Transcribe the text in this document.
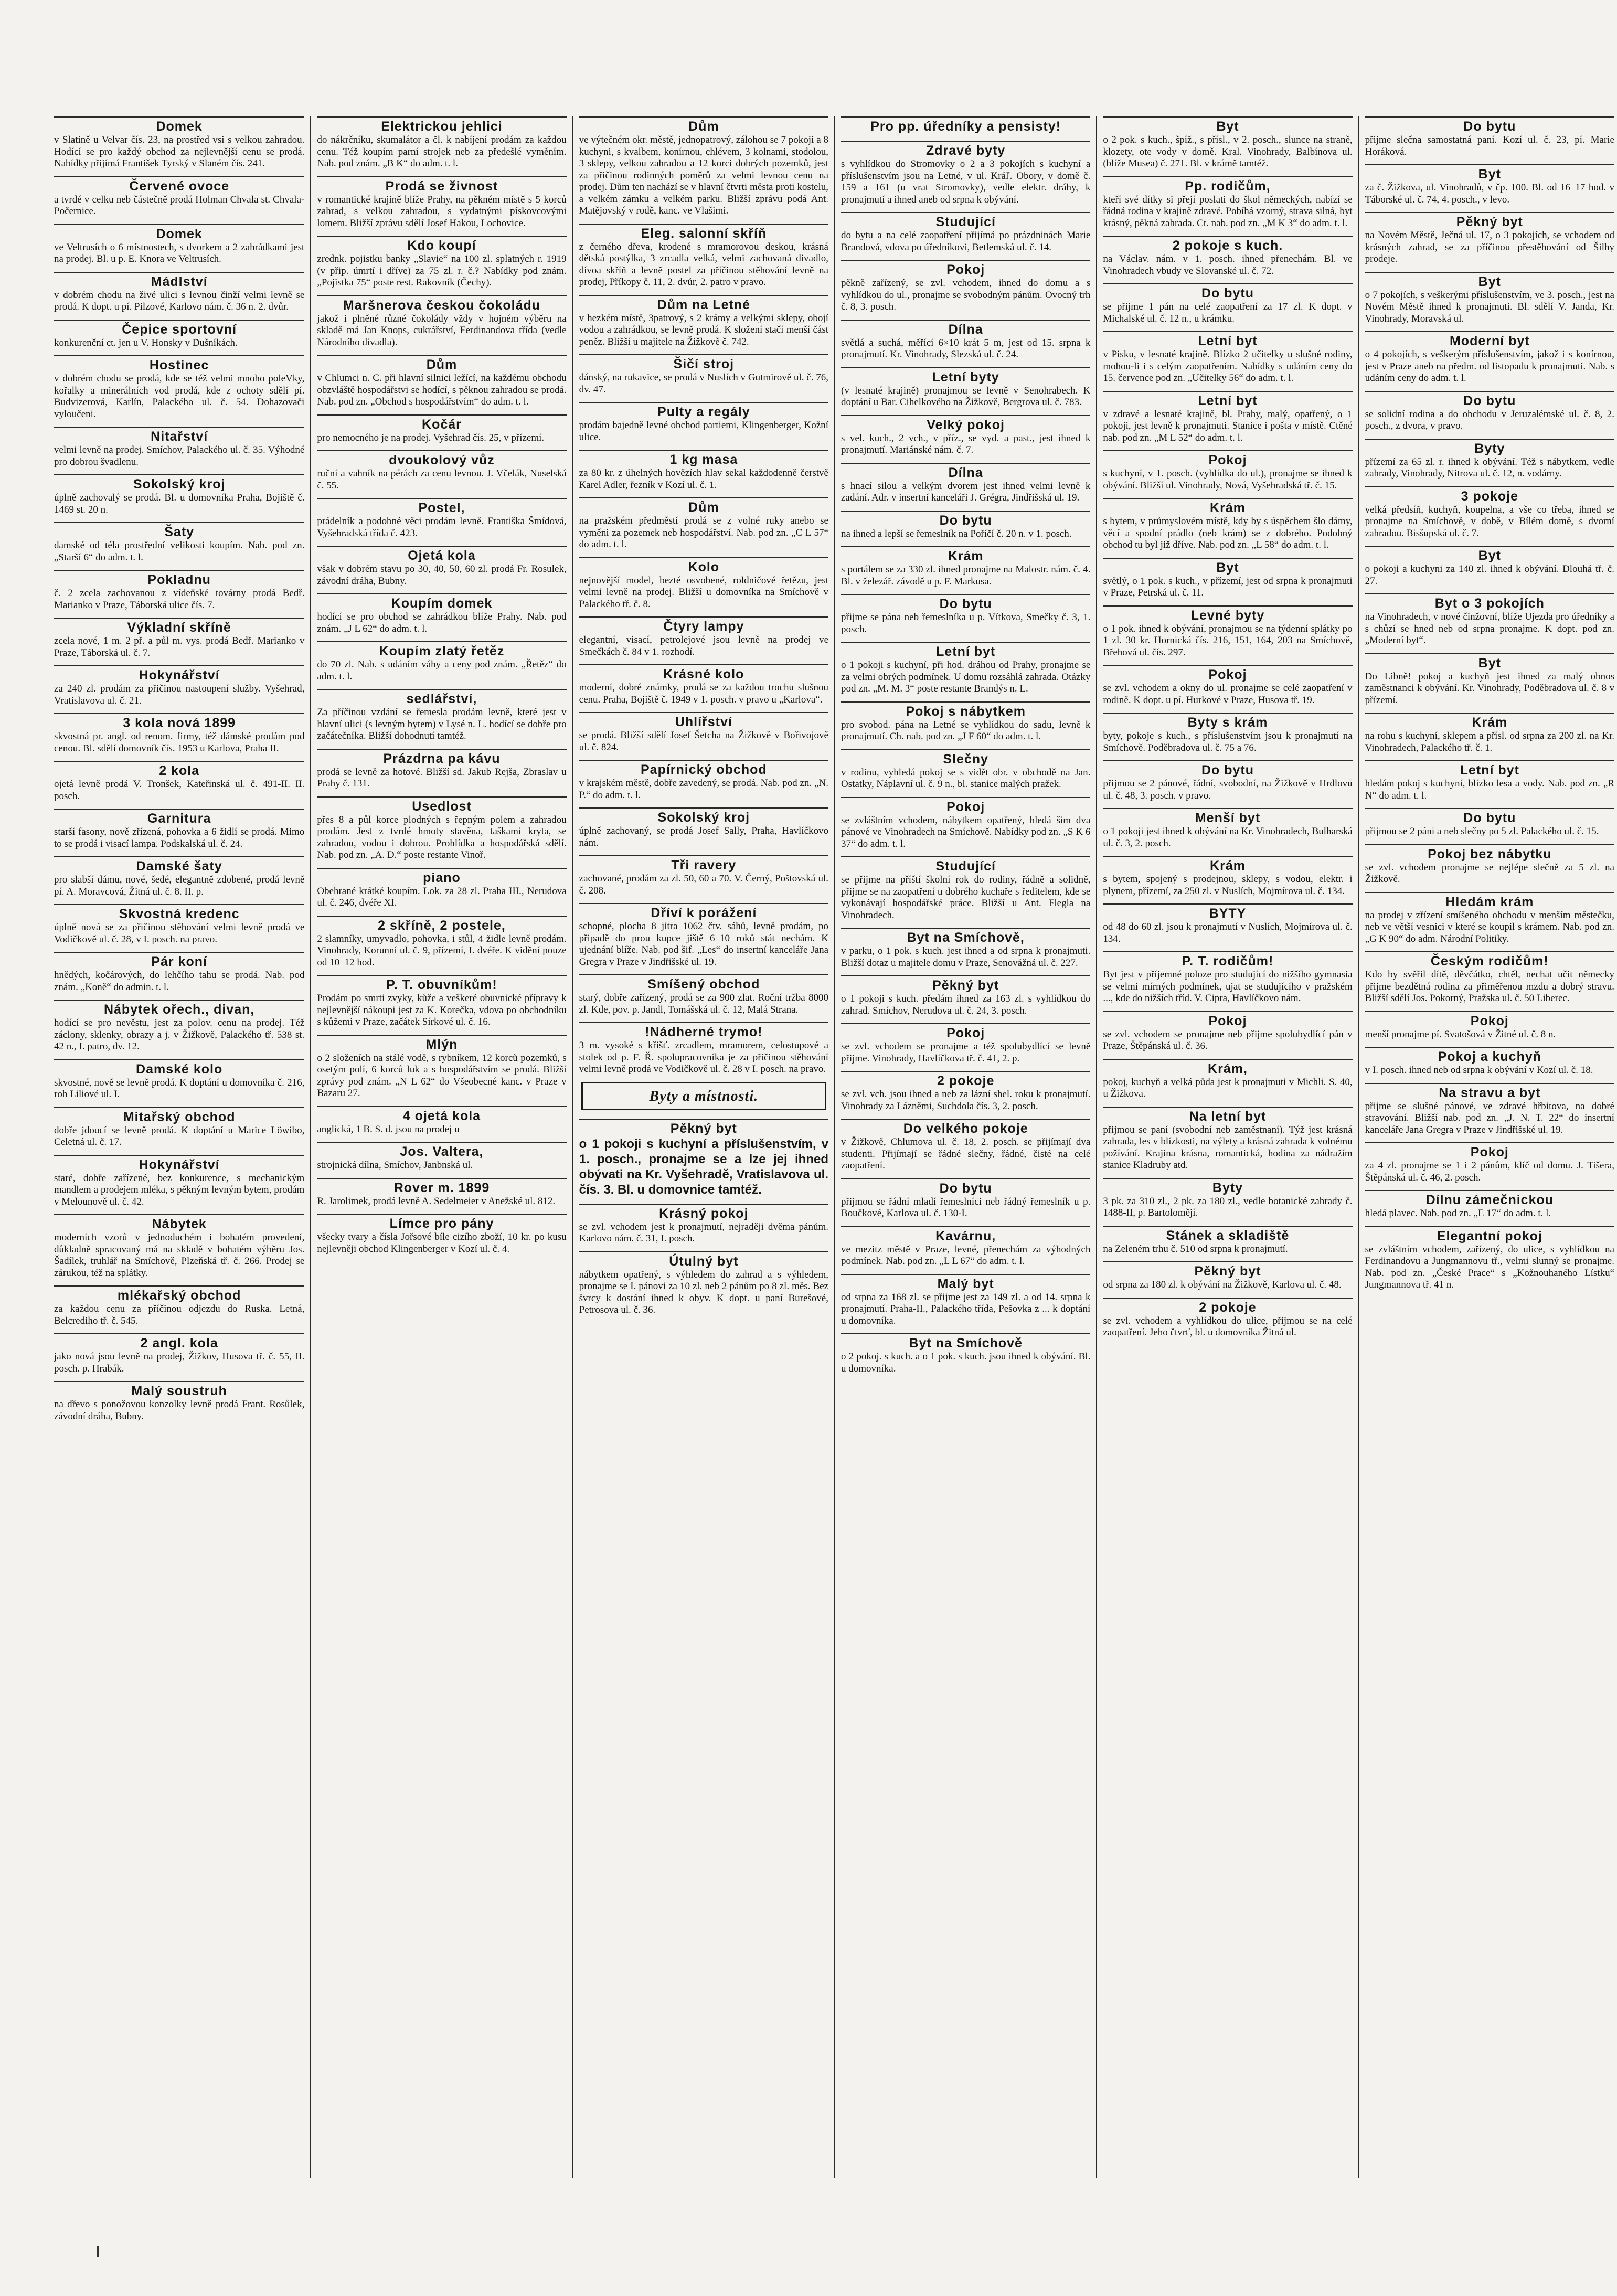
Domek
v Slatině u Velvar čís. 23, na prostřed vsi s velkou zahradou. Hodící se pro každý obchod za nejlevnější cenu se prodá. Nabídky přijímá František Tyrský v Slaném čís. 241.
Červené ovoce
a tvrdé v celku neb částečně prodá Holman Chvala st. Chvala-Počernice.
Domek
ve Veltrusích o 6 místnostech, s dvorkem a 2 zahrádkami jest na prodej. Bl. u p. E. Knora ve Veltrusích.
Mádlství
v dobrém chodu na živé ulici s levnou činží velmi levně se prodá. K dopt. u pí. Pilzové, Karlovo nám. č. 36 n. 2. dvůr.
Čepice sportovní
konkurenční ct. jen u V. Honsky v Dušníkách.
Hostinec
v dobrém chodu se prodá, kde se též velmi mnoho poleVky, kořalky a minerálních vod prodá, kde z ochoty sdělí pí. Budvizerová, Karlín, Palackého ul. č. 54. Dohazovači vyloučeni.
Nitařství
velmi levně na prodej. Smíchov, Palackého ul. č. 35. Výhodné pro dobrou švadlenu.
Sokolský kroj
úplně zachovalý se prodá. Bl. u domovníka Praha, Bojiště č. 1469 st. 20 n.
Šaty
damské od téla prostřední velikosti koupím. Nab. pod zn. „Starší 6“ do adm. t. l.
Pokladnu
č. 2 zcela zachovanou z vídeňské továrny prodá Bedř. Marianko v Praze, Táborská ulice čís. 7.
Výkladní skříně
zcela nové, 1 m. 2 př. a půl m. vys. prodá Bedř. Marianko v Praze, Táborská ul. č. 7.
Hokynářství
za 240 zl. prodám za přičinou nastoupení služby. Vyšehrad, Vratislavova ul. č. 21.
3 kola nová 1899
skvostná pr. angl. od renom. firmy, též dámské prodám pod cenou. Bl. sdělí domovník čís. 1953 u Karlova, Praha II.
2 kola
ojetá levně prodá V. Tronšek, Kateřinská ul. č. 491-II. II. posch.
Garnitura
starší fasony, nově zřízená, pohovka a 6 židlí se prodá. Mimo to se prodá i visací lampa. Podskalská ul. č. 24.
Damské šaty
pro slabší dámu, nové, šedé, elegantně zdobené, prodá levně pí. A. Moravcová, Žitná ul. č. 8. II. p.
Skvostná kredenc
úplně nová se za přičinou stěhování velmi levně prodá ve Vodičkově ul. č. 28, v I. posch. na pravo.
Pár koní
hnědých, kočárových, do lehčího tahu se prodá. Nab. pod znám. „Koně“ do admin. t. l.
Nábytek ořech., divan,
hodící se pro nevěstu, jest za polov. cenu na prodej. Též záclony, sklenky, obrazy a j. v Žižkově, Palackého tř. 538 st. 42 n., I. patro, dv. 12.
Damské kolo
skvostné, nově se levně prodá. K doptání u domovníka č. 216, roh Liliové ul. I.
Mitařský obchod
dobře jdoucí se levně prodá. K doptání u Marice Löwibo, Celetná ul. č. 17.
Hokynářství
staré, dobře zařízené, bez konkurence, s mechanickým mandlem a prodejem mléka, s pěkným levným bytem, prodám v Melounově ul. č. 42.
Nábytek
moderních vzorů v jednoduchém i bohatém provedení, důkladně spracovaný má na skladě v bohatém výběru Jos. Šadílek, truhlář na Smíchově, Plzeňská tř. č. 266. Prodej se zárukou, též na splátky.
mlékařský obchod
za každou cenu za příčinou odjezdu do Ruska. Letná, Belcrediho tř. č. 545.
2 angl. kola
jako nová jsou levně na prodej, Žižkov, Husova tř. č. 55, II. posch. p. Hrabák.
Malý soustruh
na dřevo s ponožovou konzolky levně prodá Frant. Rosůlek, závodní dráha, Bubny.
Elektrickou jehlici
do nákrčníku, skumalátor a čl. k nabíjení prodám za každou cenu. Též koupím parní strojek neb za předešlé vyměním. Nab. pod znám. „B K“ do adm. t. l.
Prodá se živnost
v romantické krajině blíže Prahy, na pěkném místě s 5 korců zahrad, s velkou zahradou, s vydatnými pískovcovými lomem. Bližší zprávu sdělí Josef Hakou, Lochovice.
Kdo koupí
zrednk. pojistku banky „Slavie“ na 100 zl. splatných r. 1919 (v přip. úmrtí i dříve) za 75 zl. r. č.? Nabídky pod znám. „Pojistka 75“ poste rest. Rakovník (Čechy).
Maršnerova českou čokoládu
jakož i plněné různé čokolády vždy v hojném výběru na skladě má Jan Knops, cukrářství, Ferdinandova třída (vedle Národního divadla).
Dům
v Chlumci n. C. při hlavní silnici ležící, na každému obchodu obzvláště hospodářstvi se hodící, s pěknou zahradou se prodá. Nab. pod zn. „Obchod s hospodářstvím“ do adm. t. l.
Kočár
pro nemocného je na prodej. Vyšehrad čís. 25, v přízemí.
dvoukolový vůz
ruční a vahník na pérách za cenu levnou. J. Včelák, Nuselská č. 55.
Postel,
prádelník a podobné věci prodám levně. Františka Šmídová, Vyšehradská třída č. 423.
Ojetá kola
však v dobrém stavu po 30, 40, 50, 60 zl. prodá Fr. Rosulek, závodní dráha, Bubny.
Koupím domek
hodící se pro obchod se zahrádkou blíže Prahy. Nab. pod znám. „J L 62“ do adm. t. l.
Koupím zlatý řetěz
do 70 zl. Nab. s udáním váhy a ceny pod znám. „Řetěz“ do adm. t. l.
sedlářství,
Za příčinou vzdání se řemesla prodám levně, které jest v hlavní ulici (s levným bytem) v Lysé n. L. hodící se dobře pro začátečníka. Bližší dohodnutí tamtéž.
Prázdrna pa kávu
prodá se levně za hotové. Bližší sd. Jakub Rejša, Zbraslav u Prahy č. 131.
Usedlost
přes 8 a půl korce plodných s řepným polem a zahradou prodám. Jest z tvrdé hmoty stavěna, taškami kryta, se zahradou, vodou i dobrou. Prohlídka a hospodářská sdělí. Nab. pod zn. „A. D.“ poste restante Vinoř.
piano
Obehrané krátké koupím. Lok. za 28 zl. Praha III., Nerudova ul. č. 246, dvéře XI.
2 skříně, 2 postele,
2 slamníky, umyvadlo, pohovka, i stůl, 4 židle levně prodám. Vinohrady, Korunní ul. č. 9, přízemí, I. dvéře. K vidění pouze od 10–12 hod.
P. T. obuvníkům!
Prodám po smrti zvyky, kůže a veškeré obuvnické přípravy k nejlevnější nákoupi jest za K. Korečka, vdova po obchodníku s kůžemi v Praze, začátek Sírkové ul. č. 16.
Mlýn
o 2 složeních na stálé vodě, s rybníkem, 12 korců pozemků, s osetým polí, 6 korců luk a s hospodářstvím se prodá. Bližší zprávy pod znám. „N L 62“ do Všeobecné kanc. v Praze v Bazaru 27.
4 ojetá kola
anglická, 1 B. S. d. jsou na prodej u
Jos. Valtera,
strojnická dílna, Smíchov, Janbnská ul.
Rover m. 1899
R. Jarolimek, prodá levně A. Sedelmeier v Anežské ul. 812.
Límce pro pány
všecky tvary a čísla Jořsové bíle cizího zboží, 10 kr. po kusu nejlevněji obchod Klingenberger v Kozí ul. č. 4.
Dům
ve výtečném okr. městě, jednopatrový, zálohou se 7 pokoji a 8 kuchyni, s kvalbem, konírnou, chlévem, 3 kolnami, stodolou, 3 sklepy, velkou zahradou a 12 korci dobrých pozemků, jest za přičinou rodinných poměrů za velmi levnou cenu na prodej. Dům ten nachází se v hlavní čtvrti města proti kostelu, a velkém zámku a velkém parku. Bližší zprávu podá Ant. Matějovský v rodě, kanc. ve Vlašimi.
Eleg. salonní skříň
z černého dřeva, krodené s mramorovou deskou, krásná dětská postýlka, 3 zrcadla velká, velmi zachovaná divadlo, dívoa skříň a levně postel za příčinou stěhování levně na prodej, Příkopy č. 11, 2. dvůr, 2. patro v pravo.
Dům na Letné
v hezkém místě, 3patrový, s 2 krámy a velkými sklepy, obojí vodou a zahrádkou, se levně prodá. K složení stačí menší část peněz. Bližší u majitele na Žižkově č. 742.
Šičí stroj
dánský, na rukavice, se prodá v Nuslích v Gutmirově ul. č. 76, dv. 47.
Pulty a regály
prodám bajedně levné obchod partiemi, Klingenberger, Kožní ulice.
1 kg masa
za 80 kr. z úhelných hovězích hlav sekal každodenně čerstvě Karel Adler, řezník v Kozí ul. č. 1.
Dům
na pražském předměstí prodá se z volné ruky anebo se vyměni za pozemek neb hospodářství. Nab. pod zn. „C L 57“ do adm. t. l.
Kolo
nejnovější model, bezté osvobené, roldničové řetězu, jest velmi levně na prodej. Bližší u domovníka na Smíchově v Palackého tř. č. 8.
Čtyry lampy
elegantní, visací, petrolejové jsou levně na prodej ve Smečkách č. 84 v 1. rozhodí.
Krásné kolo
moderní, dobré známky, prodá se za každou trochu slušnou cenu. Praha, Bojiště č. 1949 v 1. posch. v pravo u „Karlova“.
Uhlířství
se prodá. Bližší sdělí Josef Šetcha na Žižkově v Bořivojově ul. č. 824.
Papírnický obchod
v krajském městě, dobře zavedený, se prodá. Nab. pod zn. „N. P.“ do adm. t. l.
Sokolský kroj
úplně zachovaný, se prodá Josef Sally, Praha, Havlíčkovo nám.
Tři ravery
zachované, prodám za zl. 50, 60 a 70. V. Černý, Poštovská ul. č. 208.
Dříví k porážení
schopné, plocha 8 jitra 1062 čtv. sáhů, levně prodám, po připadě do prou kupce jiště 6–10 roků stát nechám. K ujednání blíže. Nab. pod šif. „Les“ do insertní kanceláře Jana Gregra v Praze v Jindřišské ul. 19.
Smíšený obchod
starý, dobře zařízený, prodá se za 900 zlat. Roční tržba 8000 zl. Kde, pov. p. Jandl, Tomášská ul. č. 12, Malá Strana.
!Nádherné trymo!
3 m. vysoké s křišť. zrcadlem, mramorem, celostupové a stolek od p. F. Ř. spolupracovníka je za přičinou stěhování velmi levně prodá ve Vodičkově ul. č. 28 v I. posch. na pravo.
Byty a místnosti.
Pěkný byt
o 1 pokoji s kuchyní a příslušenstvím, v 1. posch., pronajme se a lze jej ihned obývati na Kr. Vyšehradě, Vratislavova ul. čís. 3. Bl. u domovnice tamtéž.
Krásný pokoj
se zvl. vchodem jest k pronajmutí, nejraději dvěma pánům. Karlovo nám. č. 31, I. posch.
Útulný byt
nábytkem opatřený, s výhledem do zahrad a s výhledem, pronajme se I. pánovi za 10 zl. neb 2 pánům po 8 zl. měs. Bez švrcy k dostání ihned k obyv. K dopt. u paní Burešové, Petrosova ul. č. 36.
Pro pp. úředníky a pensisty!
Zdravé byty
s vyhlídkou do Stromovky o 2 a 3 pokojích s kuchyní a příslušenstvím jsou na Letné, v ul. Kráľ. Obory, v domě č. 159 a 161 (u vrat Stromovky), vedle elektr. dráhy, k pronajmutí a ihned aneb od srpna k obývání.
Studující
do bytu a na celé zaopatření přijímá po prázdninách Marie Brandová, vdova po úředníkovi, Betlemská ul. č. 14.
Pokoj
pěkně zařízený, se zvl. vchodem, ihned do domu a s vyhlídkou do ul., pronajme se svobodným pánům. Ovocný trh č. 8, 3. posch.
Dílna
světlá a suchá, měřící 6×10 krát 5 m, jest od 15. srpna k pronajmutí. Kr. Vinohrady, Slezská ul. č. 24.
Letní byty
(v lesnaté krajině) pronajmou se levně v Senohrabech. K doptání u Bar. Cihelkového na Žižkově, Bergrova ul. č. 783.
Velký pokoj
s vel. kuch., 2 vch., v příz., se vyd. a past., jest ihned k pronajmutí. Mariánské nám. č. 7.
Dílna
s hnací silou a velkým dvorem jest ihned velmi levně k zadání. Adr. v insertní kanceláři J. Grégra, Jindřišská ul. 19.
Do bytu
na ihned a lepší se řemeslník na Poříčí č. 20 n. v 1. posch.
Krám
s portálem se za 330 zl. ihned pronajme na Malostr. nám. č. 4. Bl. v železář. závodě u p. F. Markusa.
Do bytu
přijme se pána neb řemeslníka u p. Vítkova, Smečky č. 3, 1. posch.
Letní byt
o 1 pokoji s kuchyní, při hod. dráhou od Prahy, pronajme se za velmi obrých podmínek. U domu rozsáhlá zahrada. Otázky pod zn. „M. M. 3“ poste restante Brandýs n. L.
Pokoj s nábytkem
pro svobod. pána na Letné se vyhlídkou do sadu, levně k pronajmutí. Ch. nab. pod zn. „J F 60“ do adm. t. l.
Slečny
v rodinu, vyhledá pokoj se s vidět obr. v obchodě na Jan. Ostatky, Náplavní ul. č. 9 n., bl. stanice malých pražek.
Pokoj
se zvláštním vchodem, nábytkem opatřený, hledá šim dva pánové ve Vinohradech na Smíchově. Nabídky pod zn. „S K 6 37“ do adm. t. l.
Studující
se přijme na příští školní rok do rodiny, řádně a solidně, přijme se na zaopatření u dobrého kuchaře s ředitelem, kde se vykonávají hospodářské práce. Bližší u Ant. Flegla na Vinohradech.
Byt na Smíchově,
v parku, o 1 pok. s kuch. jest ihned a od srpna k pronajmuti. Bližší dotaz u majitele domu v Praze, Senovážná ul. č. 227.
Pěkný byt
o 1 pokoji s kuch. předám ihned za 163 zl. s vyhlídkou do zahrad. Smíchov, Nerudova ul. č. 24, 3. posch.
Pokoj
se zvl. vchodem se pronajme a též spolubydlící se levně přijme. Vinohrady, Havlíčkova tř. č. 41, 2. p.
2 pokoje
se zvl. vch. jsou ihned a neb za lázní shel. roku k pronajmutí. Vinohrady za Lázněmi, Suchdola čís. 3, 2. posch.
Do velkého pokoje
v Žižkově, Chlumova ul. č. 18, 2. posch. se přijímají dva studenti. Přijímají se řádné slečny, řádné, čisté na celé zaopatření.
Do bytu
přijmou se řádní mladí řemeslníci neb řádný řemeslník u p. Boučkové, Karlova ul. č. 130-I.
Kavárnu,
ve mezitz městě v Praze, levné, přenechám za výhodných podmínek. Nab. pod zn. „L L 67“ do adm. t. l.
Malý byt
od srpna za 168 zl. se přijme jest za 149 zl. a od 14. srpna k pronajmutí. Praha-II., Palackého třída, Pešovka z ... k doptání u domovníka.
Byt na Smíchově
o 2 pokoj. s kuch. a o 1 pok. s kuch. jsou ihned k obývání. Bl. u domovníka.
Byt
o 2 pok. s kuch., špíž., s přísl., v 2. posch., slunce na straně, klozety, ote vody v domě. Kral. Vinohrady, Balbínova ul. (blíže Musea) č. 271. Bl. v krámě tamtéž.
Pp. rodičům,
kteří své dítky si přejí poslati do škol německých, nabízí se řádná rodina v krajině zdravé. Pobíhá vzorný, strava silná, byt krásný, pěkná zahrada. Ct. nab. pod zn. „M K 3“ do adm. t. l.
2 pokoje s kuch.
na Václav. nám. v 1. posch. ihned přenechám. Bl. ve Vinohradech vbudy ve Slovanské ul. č. 72.
Do bytu
se přijme 1 pán na celé zaopatření za 17 zl. K dopt. v Michalské ul. č. 12 n., u krámku.
Letní byt
v Pisku, v lesnaté krajině. Blízko 2 učitelky u slušné rodiny, mohou-li i s celým zaopatřením. Nabídky s udáním ceny do 15. července pod zn. „Učitelky 56“ do adm. t. l.
Letní byt
v zdravé a lesnaté krajině, bl. Prahy, malý, opatřený, o 1 pokoji, jest levně k pronajmuti. Stanice i pošta v místě. Ctěné nab. pod zn. „M L 52“ do adm. t. l.
Pokoj
s kuchyní, v 1. posch. (vyhlídka do ul.), pronajme se ihned k obývání. Bližší ul. Vinohrady, Nová, Vyšehradská tř. č. 15.
Krám
s bytem, v průmyslovém místě, kdy by s úspěchem šlo dámy, věcí a spodní prádlo (neb krám) se z dobrého. Podobný obchod tu byl již dříve. Nab. pod zn. „L 58“ do adm. t. l.
Byt
světlý, o 1 pok. s kuch., v přízemí, jest od srpna k pronajmuti v Praze, Petrská ul. č. 11.
Levné byty
o 1 pok. ihned k obývání, pronajmou se na týdenní splátky po 1 zl. 30 kr. Hornická čís. 216, 151, 164, 203 na Smíchově, Břehová ul. čís. 297.
Pokoj
se zvl. vchodem a okny do ul. pronajme se celé zaopatření v rodině. K dopt. u pí. Hurkové v Praze, Husova tř. 19.
Byty s krám
byty, pokoje s kuch., s příslušenstvím jsou k pronajmutí na Smíchově. Poděbradova ul. č. 75 a 76.
Do bytu
přijmou se 2 pánové, řádní, svobodní, na Žižkově v Hrdlovu ul. č. 48, 3. posch. v pravo.
Menší byt
o 1 pokoji jest ihned k obývání na Kr. Vinohradech, Bulharská ul. č. 3, 2. posch.
Krám
s bytem, spojený s prodejnou, sklepy, s vodou, elektr. i plynem, přízemí, za 250 zl. v Nuslích, Mojmírova ul. č. 134.
BYTY
od 48 do 60 zl. jsou k pronajmutí v Nuslích, Mojmírova ul. č. 134.
P. T. rodičům!
Byt jest v příjemné poloze pro studující do nižšího gymnasia se velmi mírných podmínek, ujat se studujícího v pražském ..., kde do nižších tříd. V. Cipra, Havlíčkovo nám.
Pokoj
se zvl. vchodem se pronajme neb přijme spolubydlící pán v Praze, Štěpánská ul. č. 36.
Krám,
pokoj, kuchyň a velká půda jest k pronajmuti v Michli. S. 40, u Žižkova.
Na letní byt
přijmou se paní (svobodní neb zaměstnaní). Týž jest krásná zahrada, les v blízkosti, na výlety a krásná zahrada k volnému požívání. Krajina krásna, romantická, hodina za nádražím stanice Kladruby atd.
Byty
3 pk. za 310 zl., 2 pk. za 180 zl., vedle botanické zahrady č. 1488-II, p. Bartolomějí.
Stánek a skladiště
na Zeleném trhu č. 510 od srpna k pronajmutí.
Pěkný byt
od srpna za 180 zl. k obývání na Žižkově, Karlova ul. č. 48.
2 pokoje
se zvl. vchodem a vyhlídkou do ulice, přijmou se na celé zaopatření. Jeho čtvrť, bl. u domovníka Žitná ul.
Do bytu
přijme slečna samostatná paní. Kozí ul. č. 23, pí. Marie Horáková.
Byt
za č. Žižkova, ul. Vinohradů, v čp. 100. Bl. od 16–17 hod. v Táborské ul. č. 74, 4. posch., v levo.
Pěkný byt
na Novém Městě, Ječná ul. 17, o 3 pokojích, se vchodem od krásných zahrad, se za příčinou přestěhování od Šilhy prodeje.
Byt
o 7 pokojích, s veškerými příslušenstvím, ve 3. posch., jest na Novém Městě ihned k pronajmuti. Bl. sdělí V. Janda, Kr. Vinohrady, Moravská ul.
Moderní byt
o 4 pokojích, s veškerým příslušenstvím, jakož i s konírnou, jest v Praze aneb na předm. od listopadu k pronajmuti. Nab. s udáním ceny do adm. t. l.
Do bytu
se solidní rodina a do obchodu v Jeruzalémské ul. č. 8, 2. posch., z dvora, v pravo.
Byty
přízemí za 65 zl. r. ihned k obývání. Též s nábytkem, vedle zahrady, Vinohrady, Nitrova ul. č. 12, n. vodárny.
3 pokoje
velká předsíň, kuchyň, koupelna, a vše co třeba, ihned se pronajme na Smíchově, v době, v Bílém domě, s dvorní zahradou. Bisšupská ul. č. 7.
Byt
o pokoji a kuchyni za 140 zl. ihned k obývání. Dlouhá tř. č. 27.
Byt o 3 pokojích
na Vinohradech, v nové činžovní, blíže Ujezda pro úředníky a s chůzí se hned neb od srpna pronajme. K dopt. pod zn. „Moderní byt“.
Byt
Do Libně! pokoj a kuchyň jest ihned za malý obnos zaměstnanci k obývání. Kr. Vinohrady, Poděbradova ul. č. 8 v přízemí.
Krám
na rohu s kuchyní, sklepem a přísl. od srpna za 200 zl. na Kr. Vinohradech, Palackého tř. č. 1.
Letní byt
hledám pokoj s kuchyní, blízko lesa a vody. Nab. pod zn. „R N“ do adm. t. l.
Do bytu
přijmou se 2 páni a neb slečny po 5 zl. Palackého ul. č. 15.
Pokoj bez nábytku
se zvl. vchodem pronajme se nejlépe slečně za 5 zl. na Žižkově.
Hledám krám
na prodej v zřízení smíšeného obchodu v menším městečku, neb ve větší vesnici v které se koupil s krámem. Nab. pod zn. „G K 90“ do adm. Národní Politiky.
Českým rodičům!
Kdo by svěřil dítě, děvčátko, chtěl, nechat učit německy přijme bezdětná rodina za přiměřenou mzdu a dobrý stravu. Bližší sdělí Jos. Pokorný, Pražska ul. č. 50 Liberec.
Pokoj
menší pronajme pí. Svatošová v Žitné ul. č. 8 n.
Pokoj a kuchyň
v I. posch. ihned neb od srpna k obývání v Kozí ul. č. 18.
Na stravu a byt
přijme se slušné pánové, ve zdravé hřbitova, na dobré stravování. Bližší nab. pod zn. „J. N. T. 22“ do insertní kanceláře Jana Gregra v Praze v Jindřišské ul. 19.
Pokoj
za 4 zl. pronajme se 1 i 2 pánům, klíč od domu. J. Tišera, Štěpánská ul. č. 46, 2. posch.
Dílnu zámečnickou
hledá plavec. Nab. pod zn. „E 17“ do adm. t. l.
Elegantní pokoj
se zvláštním vchodem, zařízený, do ulice, s vyhlídkou na Ferdinandovu a Jungmannovu tř., velmi slunný se pronajme. Nab. pod zn. „České Prace“ s „Kožnouhaného Lístku“ Jungmannova tř. 41 n.
